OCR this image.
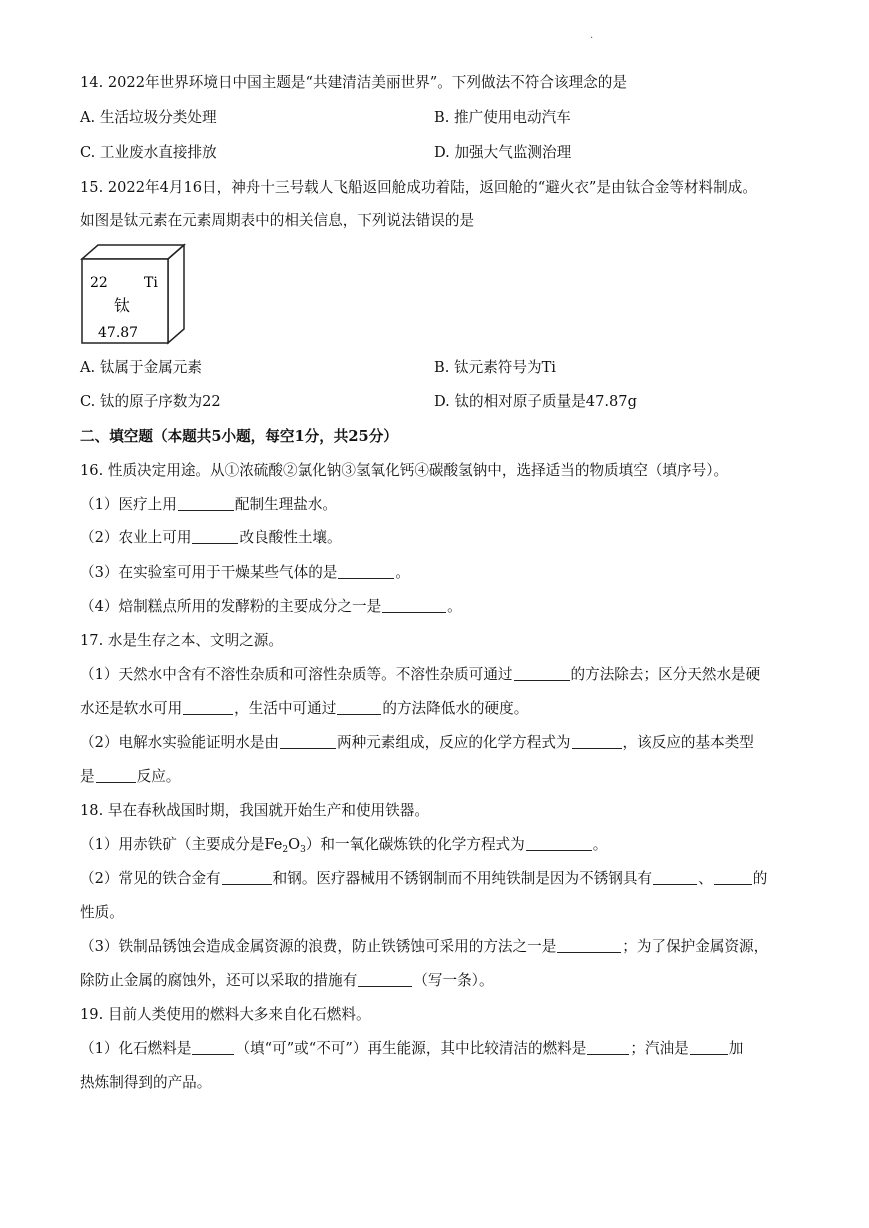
.
14. 2022年世界环境日中国主题是“共建清洁美丽世界”。下列做法不符合该理念的是
A. 生活垃圾分类处理	B. 推广使用电动汽车
C. 工业废水直接排放	D. 加强大气监测治理
15. 2022年4月16日，神舟十三号载人飞船返回舱成功着陆，返回舱的“避火衣”是由钛合金等材料制成。
如图是钛元素在元素周期表中的相关信息，下列说法错误的是
22	Ti
钛
47.87
A. 钛属于金属元素	B. 钛元素符号为Ti
C. 钛的原子序数为22	D. 钛的相对原子质量是47.87g
二、填空题（本题共5小题，每空1分，共25分）
16. 性质决定用途。从①浓硫酸②氯化钠③氢氧化钙④碳酸氢钠中，选择适当的物质填空（填序号）。
（1）医疗上用	配制生理盐水。
（2）农业上可用	改良酸性土壤。
（3）在实验室可用于干燥某些气体的是	。
（4）焙制糕点所用的发酵粉的主要成分之一是	。
17. 水是生存之本、文明之源。
（1）天然水中含有不溶性杂质和可溶性杂质等。不溶性杂质可通过	的方法除去；区分天然水是硬
水还是软水可用	，生活中可通过	的方法降低水的硬度。
（2）电解水实验能证明水是由	两种元素组成，反应的化学方程式为	，该反应的基本类型
是	反应。
18. 早在春秋战国时期，我国就开始生产和使用铁器。
（1）用赤铁矿（主要成分是$Fe_2O_3$）和一氧化碳炼铁的化学方程式为	。
（2）常见的铁合金有	和钢。医疗器械用不锈钢制而不用纯铁制是因为不锈钢具有	、	的
性质。
（3）铁制品锈蚀会造成金属资源的浪费，防止铁锈蚀可采用的方法之一是	；为了保护金属资源，
除防止金属的腐蚀外，还可以采取的措施有	（写一条）。
19. 目前人类使用的燃料大多来自化石燃料。
（1）化石燃料是	（填“可”或“不可”）再生能源，其中比较清洁的燃料是	；汽油是	加
热炼制得到的产品。
